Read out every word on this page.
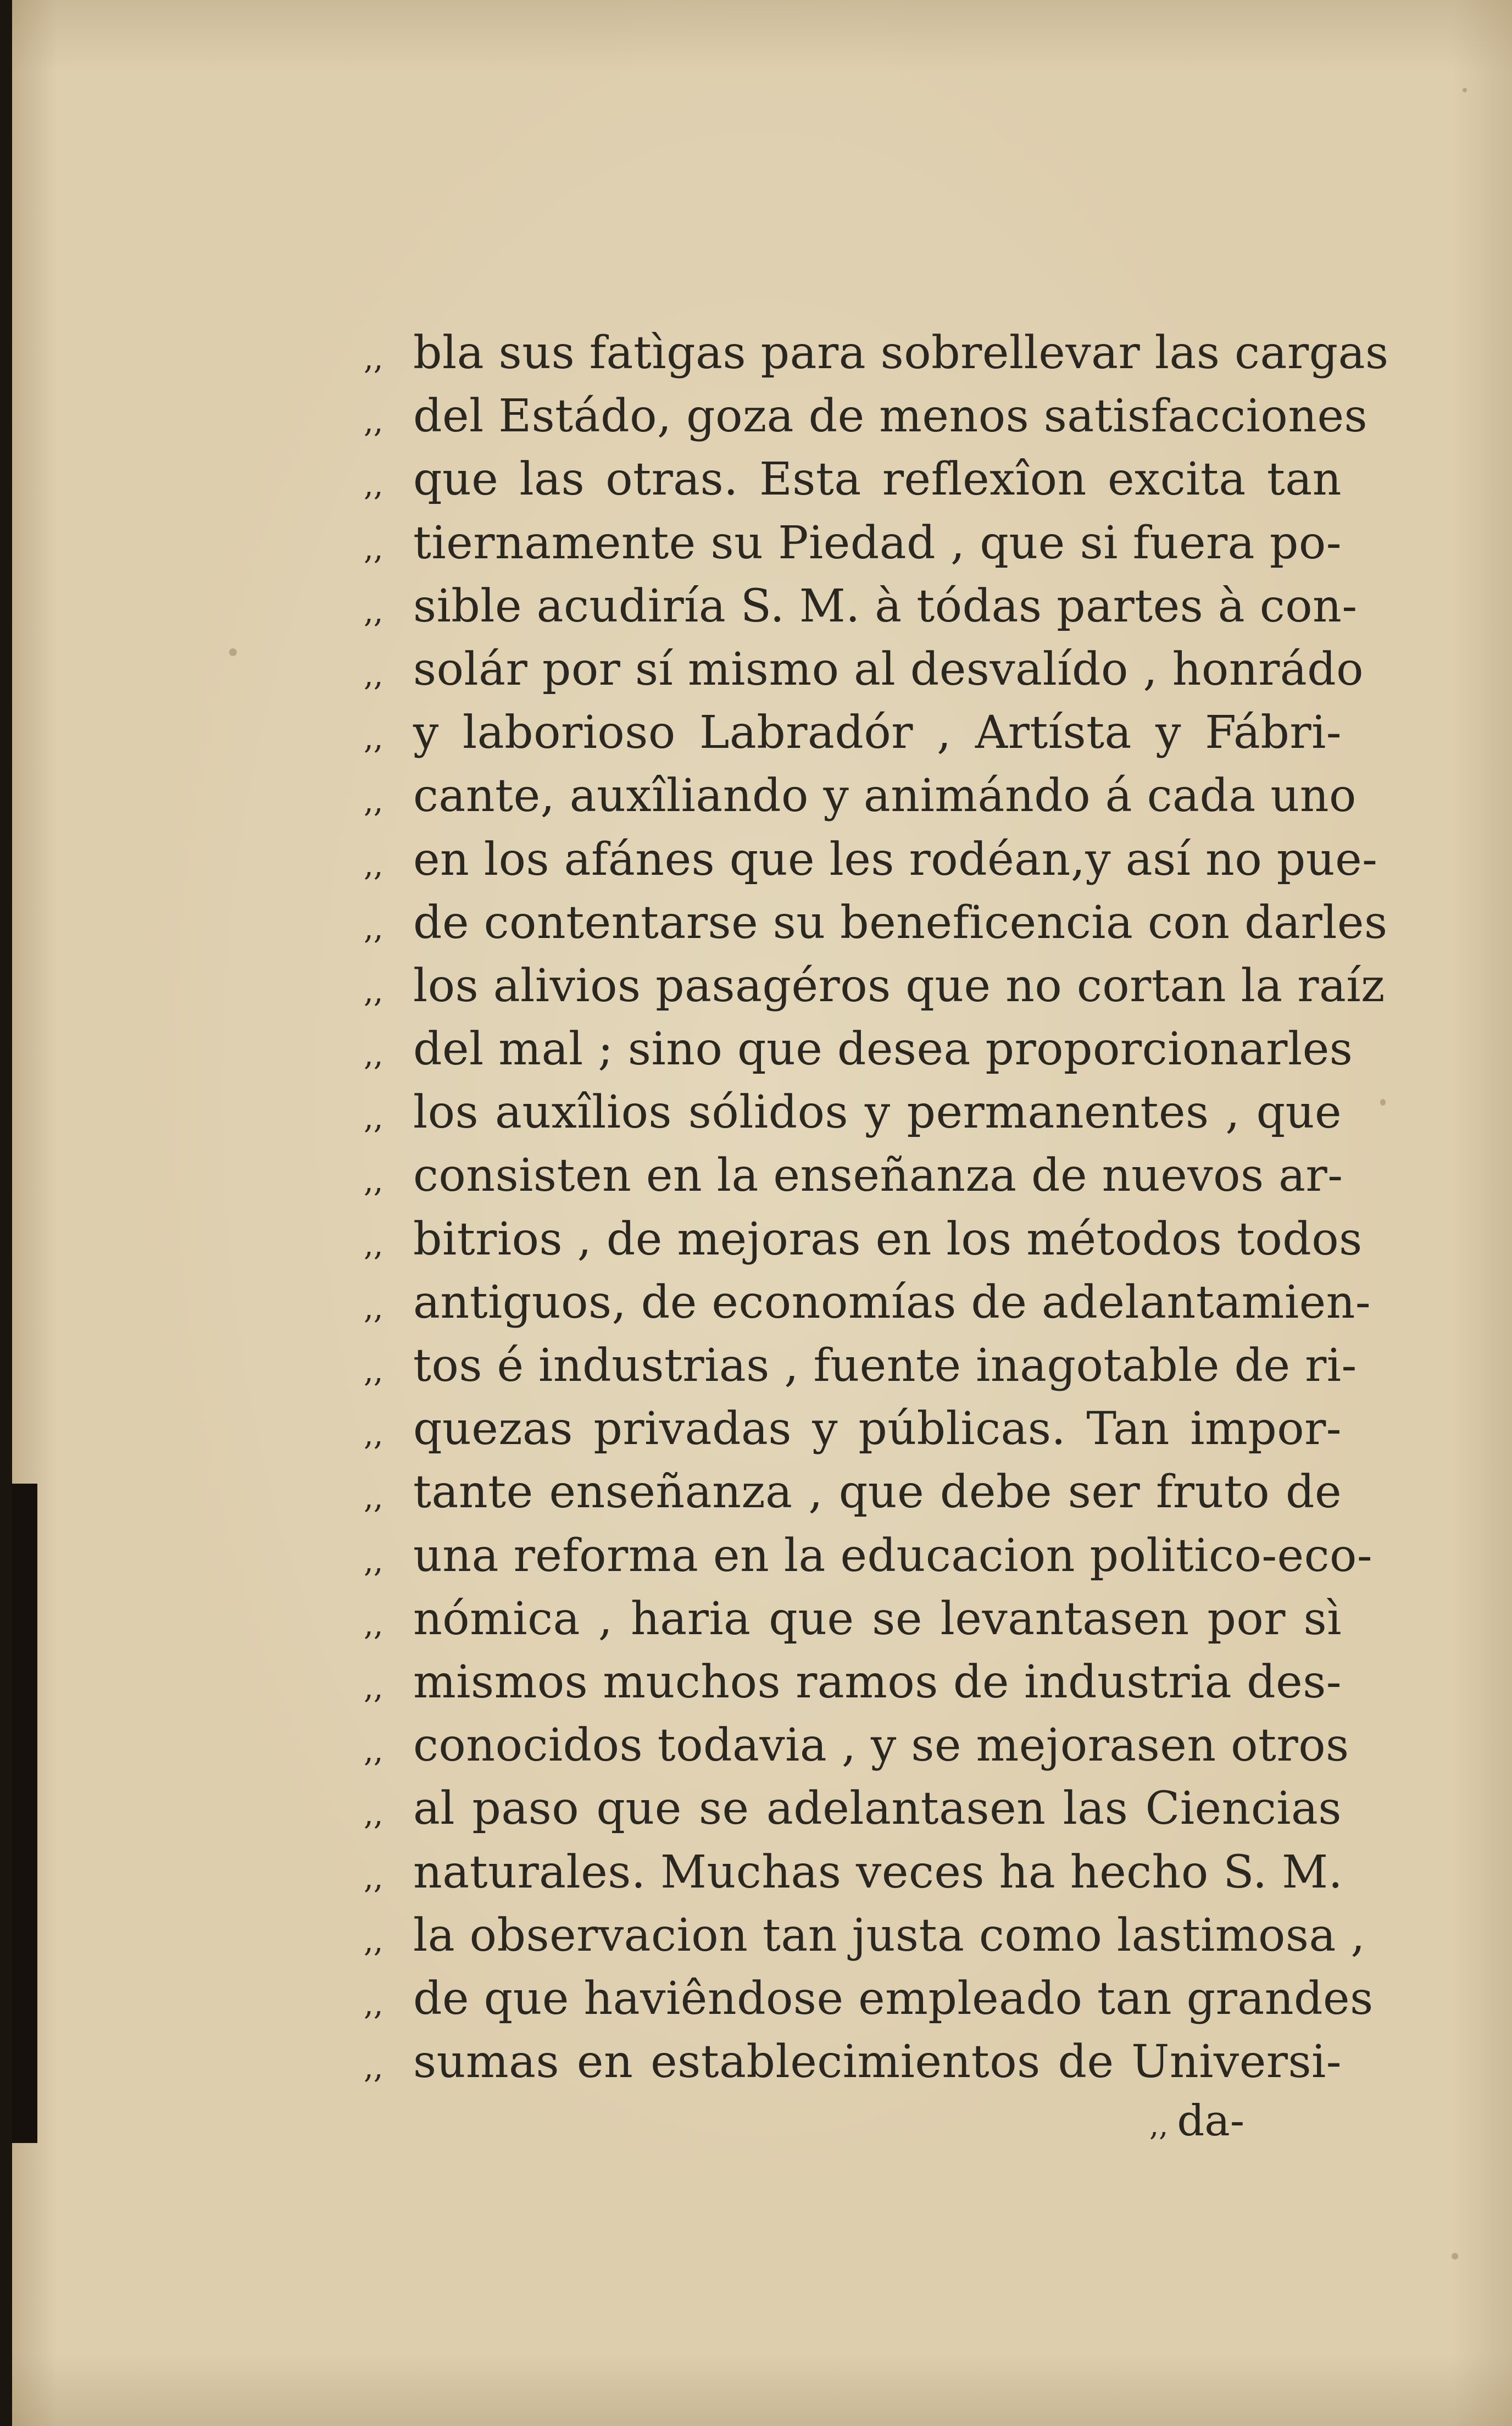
,, bla sus fatìgas para sobrellevar las cargas
,, del Estádo, goza de menos satisfacciones
,, que las otras. Esta reflexîon excita tan
,, tiernamente su Piedad , que si fuera po-
,, sible acudiría S. M. à tódas partes à con-
,, solár por sí mismo al desvalído , honrádo
,, y laborioso Labradór , Artísta y Fábri-
,, cante, auxîliando y animándo á cada uno
,, en los afánes que les rodéan,y así no pue-
,, de contentarse su beneficencia con darles
,, los alivios pasagéros que no cortan la raíz
,, del mal ; sino que desea proporcionarles
,, los auxîlios sólidos y permanentes , que
,, consisten en la enseñanza de nuevos ar-
,, bitrios , de mejoras en los métodos todos
,, antiguos, de economías de adelantamien-
,, tos é industrias , fuente inagotable de ri-
,, quezas privadas y públicas. Tan impor-
,, tante enseñanza , que debe ser fruto de
,, una reforma en la educacion politico-eco-
,, nómica , haria que se levantasen por sì
,, mismos muchos ramos de industria des-
,, conocidos todavia , y se mejorasen otros
,, al paso que se adelantasen las Ciencias
,, naturales. Muchas veces ha hecho S. M.
,, la observacion tan justa como lastimosa ,
,, de que haviêndose empleado tan grandes
,, sumas en establecimientos de Universi-
,, da-
